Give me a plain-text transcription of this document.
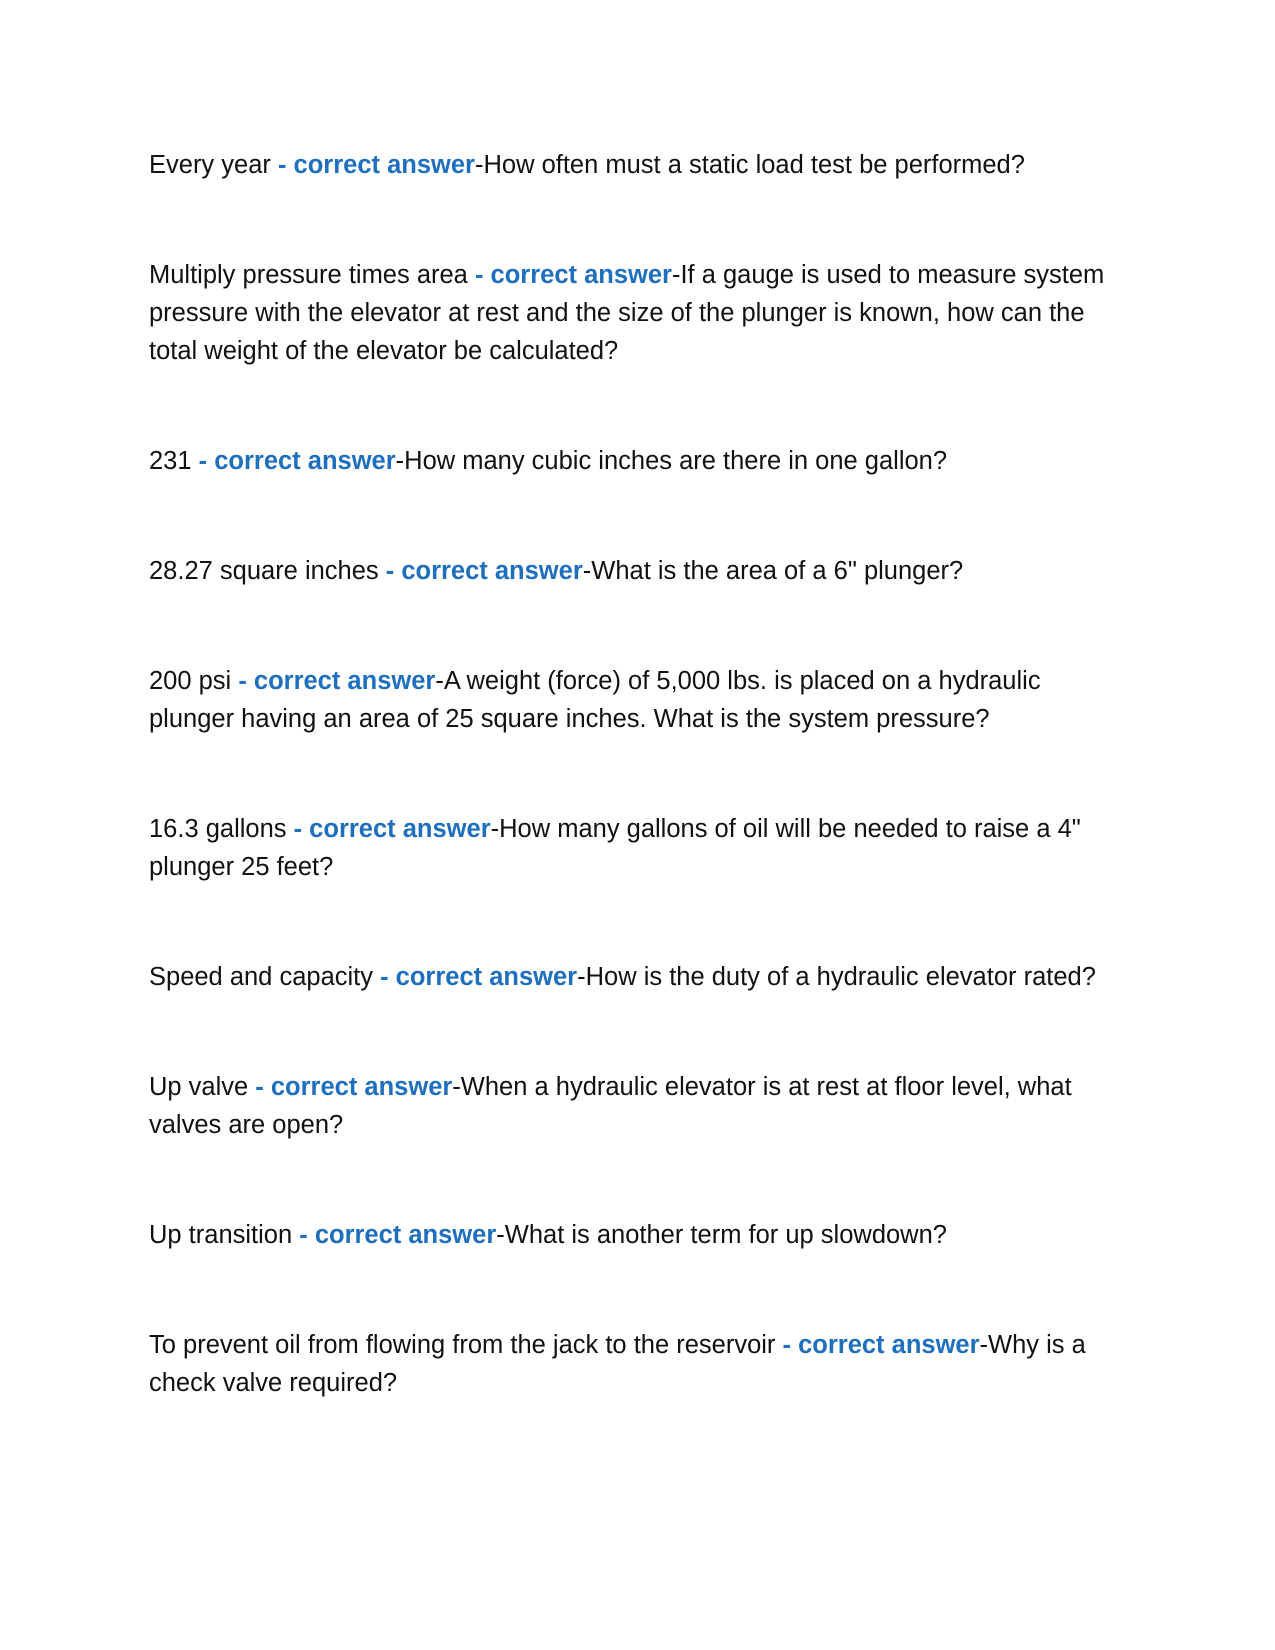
Every year - correct answer-How often must a static load test be performed?

Multiply pressure times area - correct answer-If a gauge is used to measure system pressure with the elevator at rest and the size of the plunger is known, how can the total weight of the elevator be calculated?

231 - correct answer-How many cubic inches are there in one gallon?

28.27 square inches - correct answer-What is the area of a 6" plunger?

200 psi - correct answer-A weight (force) of 5,000 lbs. is placed on a hydraulic plunger having an area of 25 square inches. What is the system pressure?

16.3 gallons - correct answer-How many gallons of oil will be needed to raise a 4" plunger 25 feet?

Speed and capacity - correct answer-How is the duty of a hydraulic elevator rated?

Up valve - correct answer-When a hydraulic elevator is at rest at floor level, what valves are open?

Up transition - correct answer-What is another term for up slowdown?

To prevent oil from flowing from the jack to the reservoir - correct answer-Why is a check valve required?
